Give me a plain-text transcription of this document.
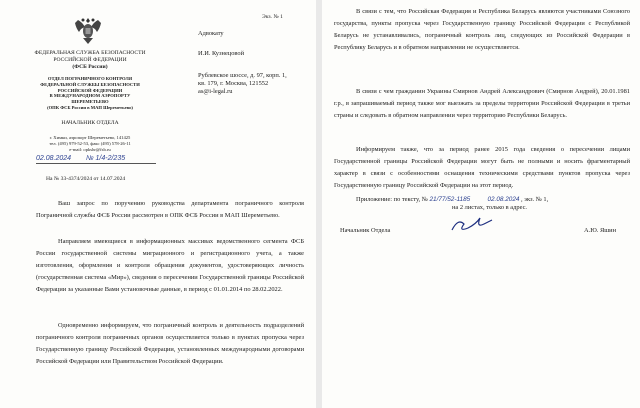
Экз. № 1
ФЕДЕРАЛЬНАЯ СЛУЖБА БЕЗОПАСНОСТИ
РОССИЙСКОЙ ФЕДЕРАЦИИ
(ФСБ России)
ОТДЕЛ ПОГРАНИЧНОГО КОНТРОЛЯ
ФЕДЕРАЛЬНОЙ СЛУЖБЫ БЕЗОПАСНОСТИ
РОССИЙСКОЙ ФЕДЕРАЦИИ
В МЕЖДУНАРОДНОМ АЭРОПОРТУ
ШЕРЕМЕТЬЕВО
(ОПК ФСБ России в МАП Шереметьево)
НАЧАЛЬНИК ОТДЕЛА
г. Химки, аэропорт Шереметьево, 141425
тел. (495) 979-52-53, факс (495) 578-26-11
e-mail: opkshr@fsb.ru
02.08.2024 № 1/4-2/235
На № 33-4374/2024 от 14.07.2024
Адвокату
И.И. Кузнецовой
Рублевское шоссе, д. 97, корп. 1,
кв. 179, г. Москва, 121552
as@i-legal.ru
Ваш запрос по поручению руководства департамента пограничного контроля Пограничной службы ФСБ России рассмотрен в ОПК ФСБ России в МАП Шереметьево.
Направляем имеющиеся в информационных массивах ведомственного сегмента ФСБ России государственной системы миграционного и регистрационного учета, а также изготовления, оформления и контроля обращения документов, удостоверяющих личность (государственная система «Мир»), сведения о пересечении Государственной границы Российской Федерации за указанные Вами установочные данные, в период с 01.01.2014 по 28.02.2022.
Одновременно информируем, что пограничный контроль и деятельность подразделений пограничного контроля пограничных органов осуществляется только в пунктах пропуска через Государственную границу Российской Федерации, установленных международными договорами Российской Федерации или Правительством Российской Федерации.
В связи с тем, что Российская Федерация и Республика Беларусь являются участниками Союзного государства, пункты пропуска через Государственную границу Российской Федерации с Республикой Беларусь не устанавливались, пограничный контроль лиц, следующих из Российской Федерации в Республику Беларусь и в обратном направлении не осуществляется.
В связи с чем гражданин Украины Смирнов Андрей Александрович (Смирнов Андрей), 20.01.1981 г.р., в запрашиваемый период также мог выезжать за пределы территории Российской Федерации в третьи страны и следовать в обратном направлении через территорию Республики Беларусь.
Информируем также, что за период ранее 2015 года сведения о пересечении лицами Государственной границы Российской Федерации могут быть не полными и носить фрагментарный характер в связи с особенностями оснащения техническими средствами пунктов пропуска через Государственную границу Российской Федерации на этот период.
Приложение: по тексту, № 21/77/52-1185	02.08.2024 , экз. № 1,
на 2 листах, только в адрес.
Начальник Отдела	А.Ю. Яшин
